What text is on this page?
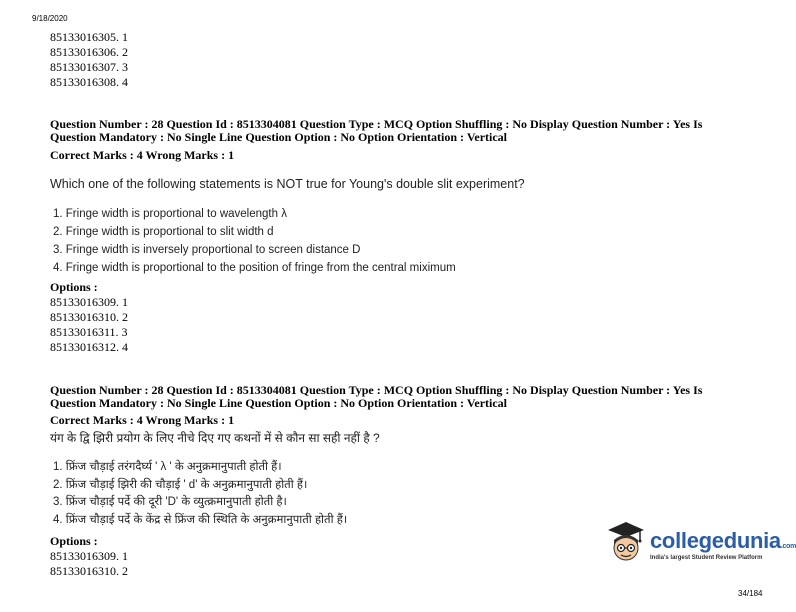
9/18/2020
85133016305. 1
85133016306. 2
85133016307. 3
85133016308. 4
Question Number : 28 Question Id : 8513304081 Question Type : MCQ Option Shuffling : No Display Question Number : Yes Is
Question Mandatory : No Single Line Question Option : No Option Orientation : Vertical
Correct Marks : 4 Wrong Marks : 1
Which one of the following statements is NOT true for Young's double slit experiment?
1. Fringe width is proportional to wavelength λ
2. Fringe width is proportional to slit width d
3. Fringe width is inversely proportional to screen distance D
4. Fringe width is proportional to the position of fringe from the central miximum
Options :
85133016309. 1
85133016310. 2
85133016311. 3
85133016312. 4
Question Number : 28 Question Id : 8513304081 Question Type : MCQ Option Shuffling : No Display Question Number : Yes Is
Question Mandatory : No Single Line Question Option : No Option Orientation : Vertical
Correct Marks : 4 Wrong Marks : 1
यंग के द्वि झिरी प्रयोग के लिए नीचे दिए गए कथनों में से कौन सा सही नहीं है ?
1. फ्रिंज चौड़ाई तरंगदैर्घ्य ' λ ' के अनुक्रमानुपाती होती हैं।
2. फ्रिंज चौड़ाई झिरी की चौड़ाई ' d' के अनुक्रमानुपाती होती हैं।
3. फ्रिंज चौड़ाई पर्दे की दूरी 'D' के व्युत्क्रमानुपाती होती है।
4. फ्रिंज चौड़ाई पर्दे के केंद्र से फ्रिंज की स्थिति के अनुक्रमानुपाती होती हैं।
Options :
85133016309. 1
85133016310. 2
collegedunia.com
India's largest Student Review Platform
34/184
